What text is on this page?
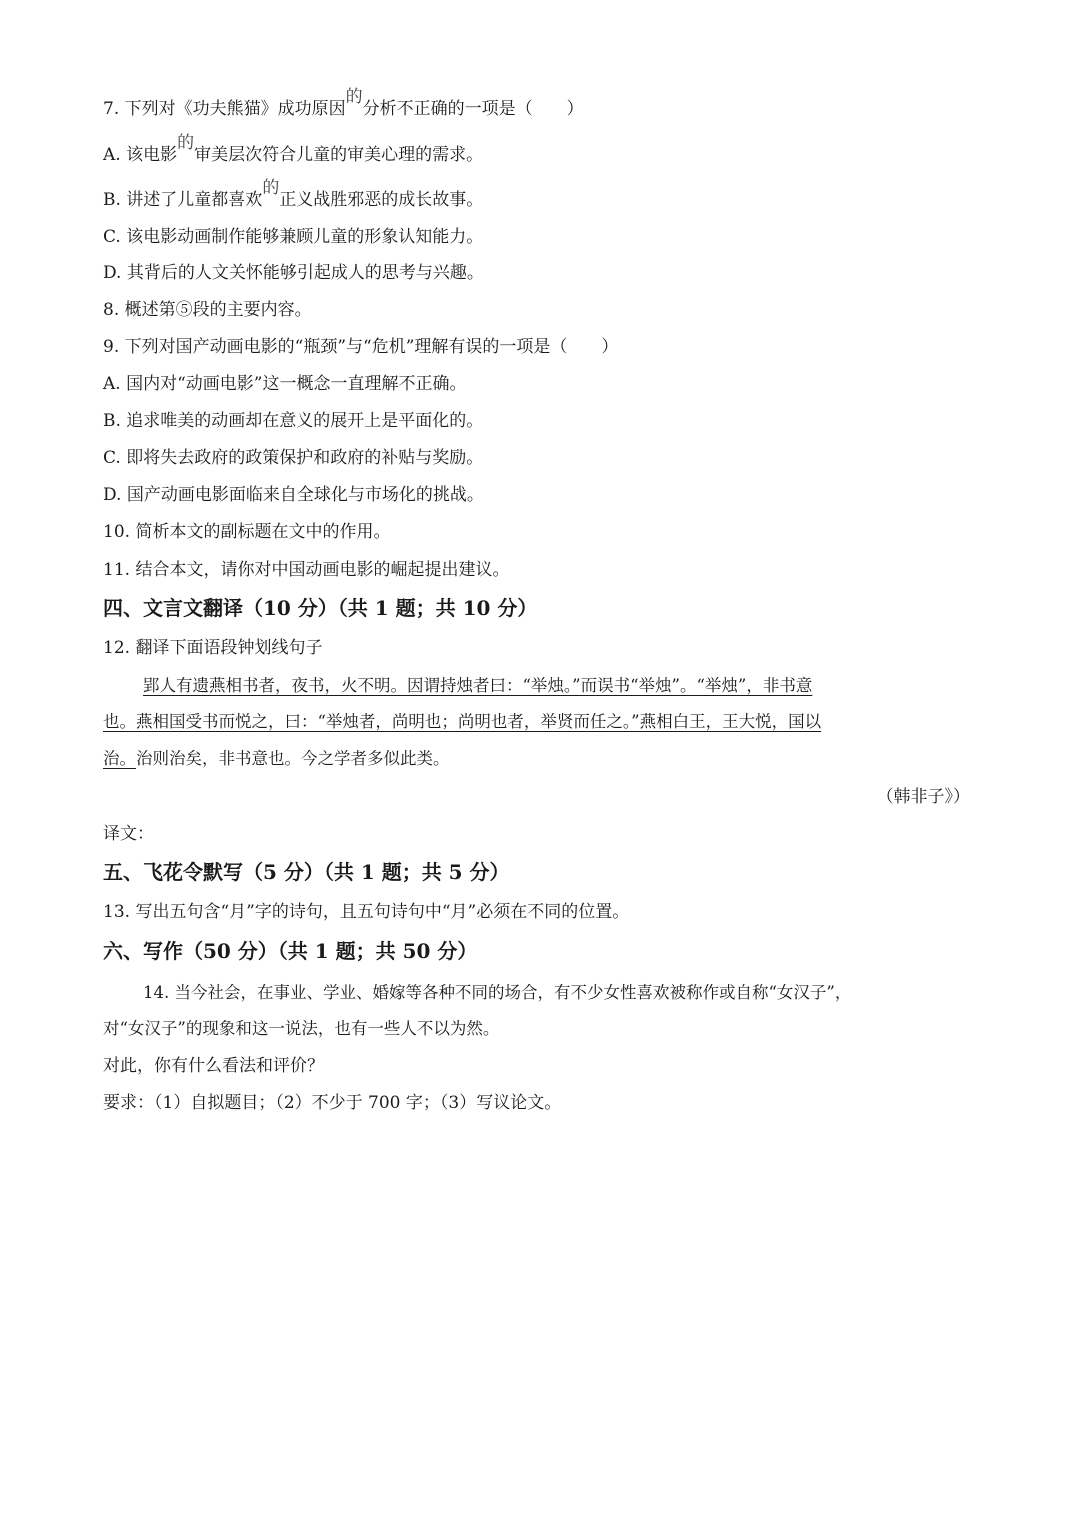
7. 下列对《功夫熊猫》成功原因的分析不正确的一项是（　　）
A. 该电影的审美层次符合儿童的审美心理的需求。
B. 讲述了儿童都喜欢的正义战胜邪恶的成长故事。
C. 该电影动画制作能够兼顾儿童的形象认知能力。
D. 其背后的人文关怀能够引起成人的思考与兴趣。
8. 概述第⑤段的主要内容。
9. 下列对国产动画电影的“瓶颈”与“危机”理解有误的一项是（　　）
A. 国内对“动画电影”这一概念一直理解不正确。
B. 追求唯美的动画却在意义的展开上是平面化的。
C. 即将失去政府的政策保护和政府的补贴与奖励。
D. 国产动画电影面临来自全球化与市场化的挑战。
10. 简析本文的副标题在文中的作用。
11. 结合本文，请你对中国动画电影的崛起提出建议。
四、文言文翻译（10 分）（共 1 题；共 10 分）
12. 翻译下面语段钟划线句子
郢人有遗燕相书者，夜书，火不明。因谓持烛者曰：“举烛。”而误书“举烛”。“举烛”，非书意
也。燕相国受书而悦之，曰：“举烛者，尚明也；尚明也者，举贤而任之。”燕相白王，王大悦，国以
治。治则治矣，非书意也。今之学者多似此类。
（韩非子》）
译文：
五、飞花令默写（5 分）（共 1 题；共 5 分）
13. 写出五句含“月”字的诗句，且五句诗句中“月”必须在不同的位置。
六、写作（50 分）（共 1 题；共 50 分）
14. 当今社会，在事业、学业、婚嫁等各种不同的场合，有不少女性喜欢被称作或自称“女汉子”，
对“女汉子”的现象和这一说法，也有一些人不以为然。
对此，你有什么看法和评价？
要求：（1）自拟题目；（2）不少于 700 字；（3）写议论文。
